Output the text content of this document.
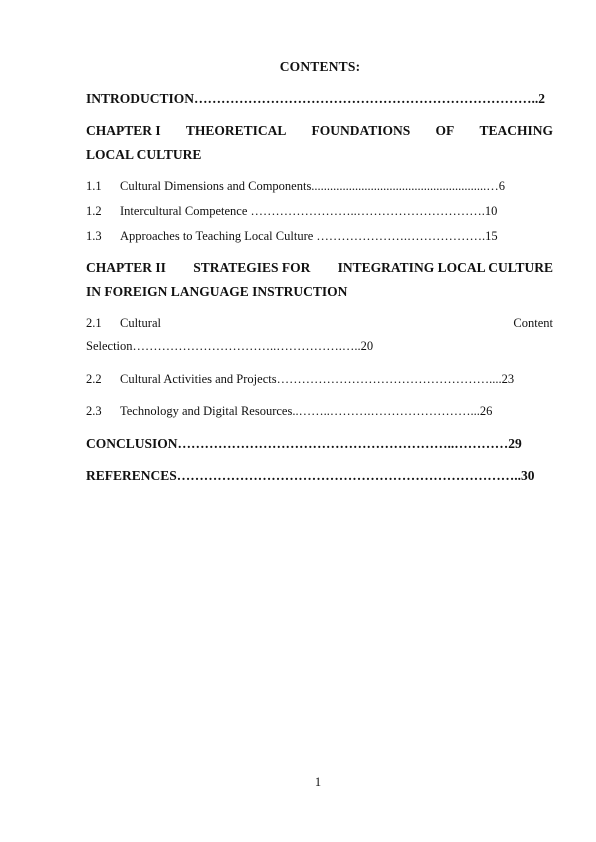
CONTENTS:
INTRODUCTION…………………………………………………………………..2
CHAPTER I THEORETICAL FOUNDATIONS OF TEACHING
LOCAL CULTURE
1.1 Cultural Dimensions and Components........................................................…6
1.2 Intercultural Competence ……………………..………………………….10
1.3 Approaches to Teaching Local Culture ………………….……………….15
CHAPTER II STRATEGIES FOR INTEGRATING LOCAL CULTURE
IN FOREIGN LANGUAGE INSTRUCTION
2.1 Cultural	Content
Selection……………………………..…………….…..20
2.2 Cultural Activities and Projects……………………………………………....23
2.3 Technology and Digital Resources..……..……….……………………...26
CONCLUSION……………………………………………………..…………29
REFERENCES…………………………………………………………………..30
1
